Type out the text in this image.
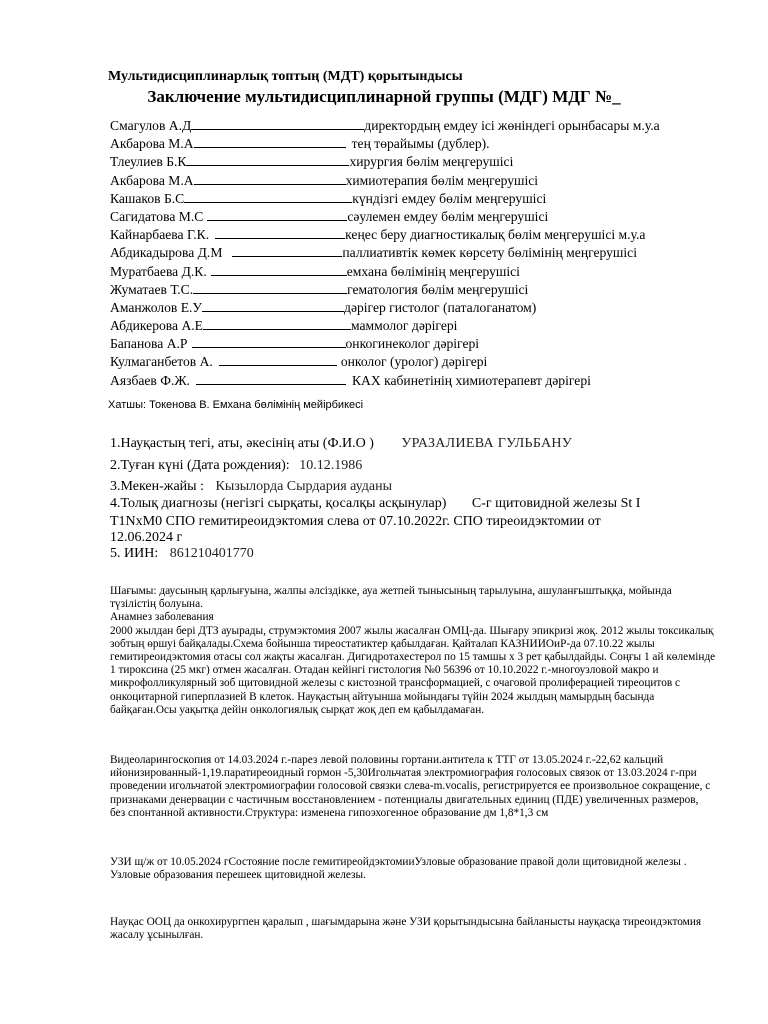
Мультидисциплинарлық топтың (МДТ) қорытындысы
Заключение мультидисциплинарной группы (МДГ) МДГ №_
Смагулов А.Д	директордың емдеу ісі жөніндегі орынбасары м.у.а
Акбарова М.А	тең төрайымы (дублер).
Тлеулиев Б.К	хирургия бөлім меңгерушісі
Акбарова М.А	химиотерапия бөлім меңгерушісі
Кашаков Б.С	күндізгі емдеу бөлім меңгерушісі
Сагидатова М.С	сәулемен емдеу бөлім меңгерушісі
Кайнарбаева Г.К.	кеңес беру диагностикалық бөлім меңгерушісі м.у.а
Абдикадырова Д.М	паллиативтік көмек көрсету бөлімінің меңгерушісі
Муратбаева Д.К.	емхана бөлімінің меңгерушісі
Жуматаев Т.С.	гематология бөлім меңгерушісі
Аманжолов Е.У	дәрігер гистолог (паталоганатом)
Абдикерова А.Е	маммолог дәрігері
Бапанова А.Р	онкогинеколог дәрігері
Кулмаганбетов А.	онколог (уролог) дәрігері
Аязбаев Ф.Ж.	КАХ кабинетінің химиотерапевт дәрігері
Хатшы: Токенова В. Емхана бөлімінің мейірбикесі
1.Науқастың тегі, аты, әкесінің аты (Ф.И.О ) УРАЗАЛИЕВА ГУЛЬБАНУ
2.Туған күні (Дата рождения): 10.12.1986
3.Мекен-жайы : Кызылорда Сырдария ауданы
4.Толық диагнозы (негізгі сырқаты, қосалқы асқынулар) С-г щитовидной железы St I
T1NxM0 СПО гемитиреоидэктомия слева от 07.10.2022г. СПО тиреоидэктомии от
12.06.2024 г
5. ИИН: 861210401770

Шағымы: даусының қарлығуына, жалпы әлсіздікке, ауа жетпей тынысының тарылуына, ашуланғыштыққа, мойында түзілістің болуына.

Анамнез заболевания

2000 жылдан бері ДТЗ ауырады, струмэктомия 2007 жылы жасалған ОМЦ-да. Шығару эпикризі жоқ. 2012 жылы токсикалық зобтың өршуі байқалады.Схема бойынша тиреостатиктер қабылдаған. Қайталап КАЗНИИОиР-да 07.10.22 жылы гемитиреоидэктомия отасы сол жақты жасалған. Дигидротахестерол по 15 тамшы х 3 рет қабылдайды. Соңғы 1 ай көлемінде 1 тироксина (25 мкг) отмен жасалған. Отадан кейінгі гистология №0 56396 от 10.10.2022 г.-многоузловой макро и микрофолликулярный зоб щитовидной железы с кистозной трансформацией, с очаговой пролиферацией тиреоцитов с онкоцитарной гиперплазией В клеток. Науқастың айтуынша мойындағы түйін 2024 жылдың мамырдың басында байқаған.Осы уақытқа дейін онкологиялық сырқат жоқ деп ем қабылдамаған.

Видеоларингоскопия от 14.03.2024 г.-парез левой половины гортани.антитела к ТТГ от 13.05.2024 г.-22,62 кальций ийонизированный-1,19.паратиреоидный гормон -5,30Игольчатая электромиография голосовых связок от 13.03.2024 г-при проведении игольчатой электромиографии голосовой связки слева-m.vocalis, регистрируется ее произвольное сокращение, с признаками денервации с частичным восстановлением - потенциалы двигательных единиц (ПДЕ) увеличенных размеров, без спонтанной активности.Структура: изменена гипоэхогенное образование дм 1,8*1,3 см

УЗИ щ/ж от 10.05.2024 гСостояние после гемитиреойдэктомииУзловые образование правой доли щитовидной железы . Узловые образования перешеек щитовидной железы.

Науқас ООЦ да онкохирургпен қаралып , шағымдарына және УЗИ қорытындысына байланысты науқасқа тиреоидэктомия жасалу ұсынылған.
